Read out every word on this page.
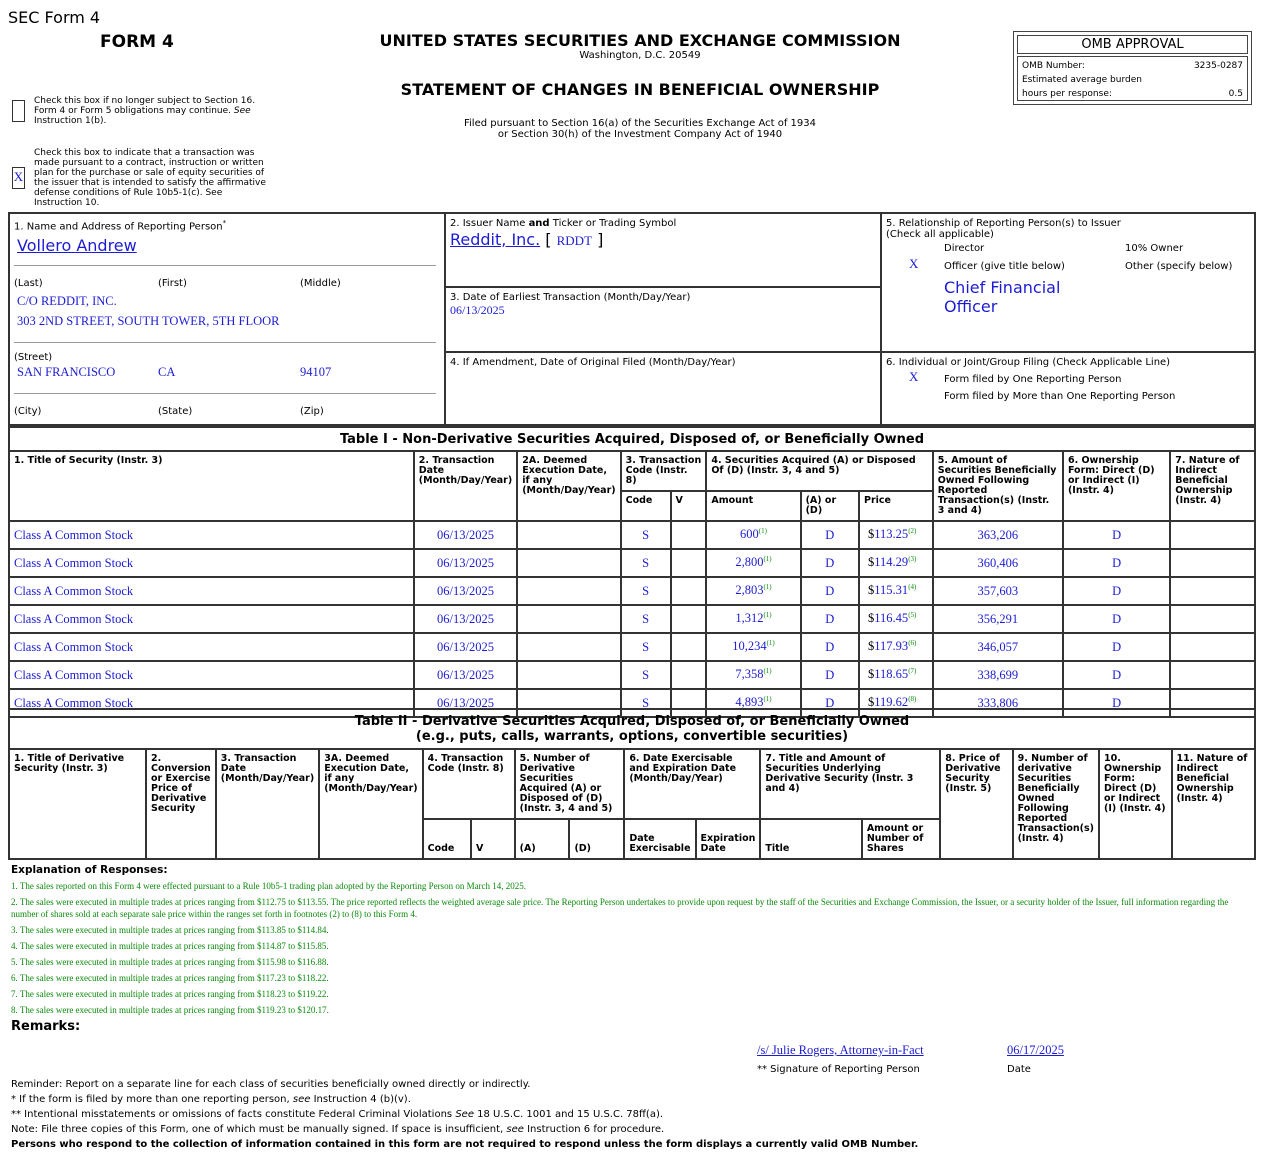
SEC Form 4
FORM 4	UNITED STATES SECURITIES AND EXCHANGE COMMISSION
Washington, D.C. 20549
STATEMENT OF CHANGES IN BENEFICIAL OWNERSHIP
Filed pursuant to Section 16(a) of the Securities Exchange Act of 1934
or Section 30(h) of the Investment Company Act of 1940
OMB APPROVAL
OMB Number:	3235-0287
Estimated average burden
hours per response:	0.5
Check this box if no longer subject to Section 16. Form 4 or Form 5 obligations may continue. See Instruction 1(b).
X
Check this box to indicate that a transaction was made pursuant to a contract, instruction or written plan for the purchase or sale of equity securities of the issuer that is intended to satisfy the affirmative defense conditions of Rule 10b5-1(c). See Instruction 10.
1. Name and Address of Reporting Person*
Vollero Andrew
(Last)	(First)	(Middle)
C/O REDDIT, INC.
303 2ND STREET, SOUTH TOWER, 5TH FLOOR
(Street)
SAN FRANCISCO	CA	94107
(City)	(State)	(Zip)
2. Issuer Name and Ticker or Trading Symbol
Reddit, Inc. [ RDDT ]
3. Date of Earliest Transaction (Month/Day/Year)
06/13/2025
4. If Amendment, Date of Original Filed (Month/Day/Year)
5. Relationship of Reporting Person(s) to Issuer
(Check all applicable)
Director	10% Owner
X	Officer (give title below)	Other (specify below)
Chief Financial
Officer
6. Individual or Joint/Group Filing (Check Applicable Line)
X	Form filed by One Reporting Person
Form filed by More than One Reporting Person
Table I - Non-Derivative Securities Acquired, Disposed of, or Beneficially Owned										
1. Title of Security (Instr. 3)	2. Transaction Date (Month/Day/Year)	2A. Deemed Execution Date, if any (Month/Day/Year)	3. Transaction Code (Instr. 8)		4. Securities Acquired (A) or Disposed Of (D) (Instr. 3, 4 and 5)			5. Amount of Securities Beneficially Owned Following Reported Transaction(s) (Instr. 3 and 4)	6. Ownership Form: Direct (D) or Indirect (I) (Instr. 4)	7. Nature of Indirect Beneficial Ownership (Instr. 4)
			Code	V	Amount	(A) or (D)	Price			
Class A Common Stock	06/13/2025		S		600$^{(1)}$	D	$113.25$^{(2)}$	363,206	D	
Class A Common Stock	06/13/2025		S		2,800$^{(1)}$	D	$114.29$^{(3)}$	360,406	D	
Class A Common Stock	06/13/2025		S		2,803$^{(1)}$	D	$115.31$^{(4)}$	357,603	D	
Class A Common Stock	06/13/2025		S		1,312$^{(1)}$	D	$116.45$^{(5)}$	356,291	D	
Class A Common Stock	06/13/2025		S		10,234$^{(1)}$	D	$117.93$^{(6)}$	346,057	D	
Class A Common Stock	06/13/2025		S		7,358$^{(1)}$	D	$118.65$^{(7)}$	338,699	D	
Class A Common Stock	06/13/2025		S		4,893$^{(1)}$	D	$119.62$^{(8)}$	333,806	D	
Table II - Derivative Securities Acquired, Disposed of, or Beneficially Owned
(e.g., puts, calls, warrants, options, convertible securities)															

1. Title of Derivative Security (Instr. 3)	2. Conversion or Exercise Price of Derivative Security	3. Transaction Date (Month/Day/Year)	3A. Deemed Execution Date, if any (Month/Day/Year)	4. Transaction Code (Instr. 8)		5. Number of Derivative Securities Acquired (A) or Disposed of (D) (Instr. 3, 4 and 5)		6. Date Exercisable and Expiration Date (Month/Day/Year)		7. Title and Amount of Securities Underlying Derivative Security (Instr. 3 and 4)		8. Price of Derivative Security (Instr. 5)	9. Number of derivative Securities Beneficially Owned Following Reported Transaction(s) (Instr. 4)	10. Ownership Form: Direct (D) or Indirect (I) (Instr. 4)	11. Nature of Indirect Beneficial Ownership (Instr. 4)
				Code	V	(A)	(D)	Date Exercisable	Expiration Date	Title	Amount or Number of Shares				
Explanation of Responses:
1. The sales reported on this Form 4 were effected pursuant to a Rule 10b5-1 trading plan adopted by the Reporting Person on March 14, 2025.
2. The sales were executed in multiple trades at prices ranging from $112.75 to $113.55. The price reported reflects the weighted average sale price. The Reporting Person undertakes to provide upon request by the staff of the Securities and Exchange Commission, the Issuer, or a security holder of the Issuer, full information regarding the number of shares sold at each separate sale price within the ranges set forth in footnotes (2) to (8) to this Form 4.
3. The sales were executed in multiple trades at prices ranging from $113.85 to $114.84.
4. The sales were executed in multiple trades at prices ranging from $114.87 to $115.85.
5. The sales were executed in multiple trades at prices ranging from $115.98 to $116.88.
6. The sales were executed in multiple trades at prices ranging from $117.23 to $118.22.
7. The sales were executed in multiple trades at prices ranging from $118.23 to $119.22.
8. The sales were executed in multiple trades at prices ranging from $119.23 to $120.17.
Remarks:
/s/ Julie Rogers, Attorney-in-Fact	06/17/2025
** Signature of Reporting Person	Date
Reminder: Report on a separate line for each class of securities beneficially owned directly or indirectly.
* If the form is filed by more than one reporting person, see Instruction 4 (b)(v).
** Intentional misstatements or omissions of facts constitute Federal Criminal Violations See 18 U.S.C. 1001 and 15 U.S.C. 78ff(a).
Note: File three copies of this Form, one of which must be manually signed. If space is insufficient, see Instruction 6 for procedure.
Persons who respond to the collection of information contained in this form are not required to respond unless the form displays a currently valid OMB Number.
